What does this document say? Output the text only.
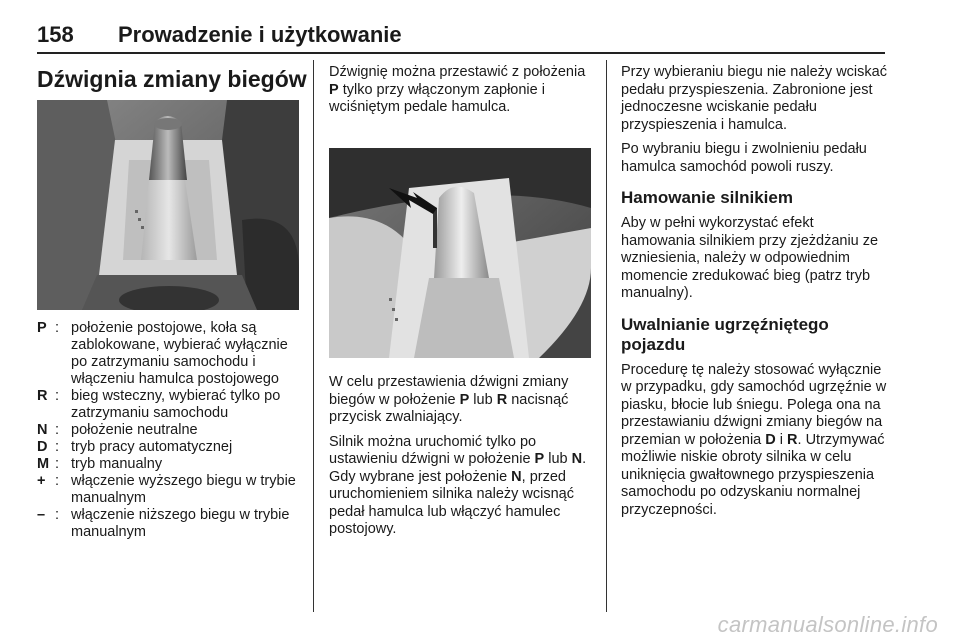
158 Prowadzenie i użytkowanie
Dźwignia zmiany biegów
P : położenie postojowe, koła są zablokowane, wybierać wyłącznie po zatrzymaniu samochodu i włączeniu hamulca postojowego
R : bieg wsteczny, wybierać tylko po zatrzymaniu samochodu
N : położenie neutralne
D : tryb pracy automatycznej
M : tryb manualny
+ : włączenie wyższego biegu w trybie manualnym
– : włączenie niższego biegu w trybie manualnym

Dźwignię można przestawić z położenia P tylko przy włączonym zapłonie i wciśniętym pedale hamulca.

W celu przestawienia dźwigni zmiany biegów w położenie P lub R nacisnąć przycisk zwalniający.

Silnik można uruchomić tylko po ustawieniu dźwigni w położenie P lub N. Gdy wybrane jest położenie N, przed uruchomieniem silnika należy wcisnąć pedał hamulca lub włączyć hamulec postojowy.

Przy wybieraniu biegu nie należy wciskać pedału przyspieszenia. Zabronione jest jednoczesne wciskanie pedału przyspieszenia i hamulca.

Po wybraniu biegu i zwolnieniu pedału hamulca samochód powoli ruszy.

Hamowanie silnikiem

Aby w pełni wykorzystać efekt hamowania silnikiem przy zjeżdżaniu ze wzniesienia, należy w odpowiednim momencie zredukować bieg (patrz tryb manualny).

Uwalnianie ugrzęźniętego pojazdu

Procedurę tę należy stosować wyłącznie w przypadku, gdy samochód ugrzęźnie w piasku, błocie lub śniegu. Polega ona na przestawianiu dźwigni zmiany biegów na przemian w położenia D i R. Utrzymywać możliwie niskie obroty silnika w celu uniknięcia gwałtownego przyspieszenia samochodu po odzyskaniu normalnej przyczepności.

carmanualsonline.info
